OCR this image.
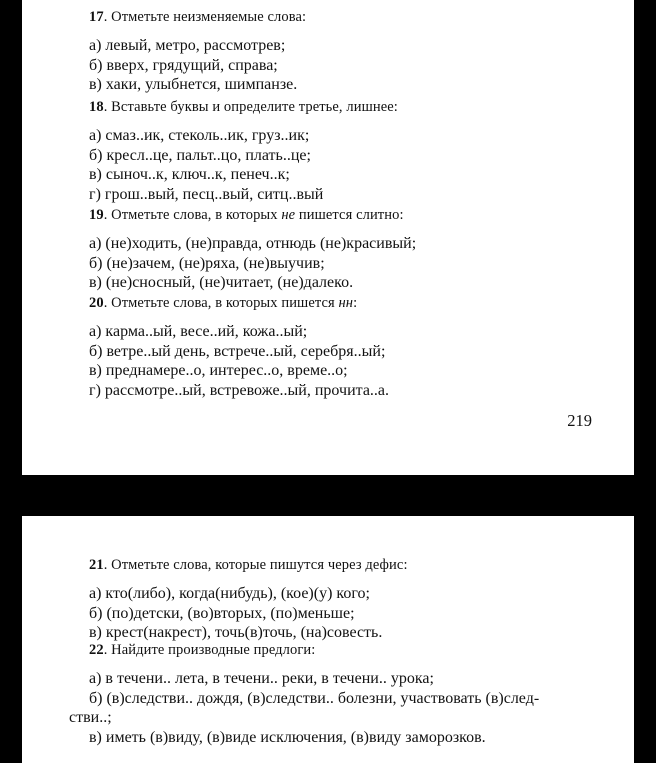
17. Отметьте неизменяемые слова:
а) левый, метро, рассмотрев;
б) вверх, грядущий, справа;
в) хаки, улыбнется, шимпанзе.
18. Вставьте буквы и определите третье, лишнее:
а) смаз..ик, стеколь..ик, груз..ик;
б) кресл..це, пальт..цо, плать..це;
в) сыноч..к, ключ..к, пенеч..к;
г) грош..вый, песц..вый, ситц..вый
19. Отметьте слова, в которых не пишется слитно:
а) (не)ходить, (не)правда, отнюдь (не)красивый;
б) (не)зачем, (не)ряха, (не)выучив;
в) (не)сносный, (не)читает, (не)далеко.
20. Отметьте слова, в которых пишется нн:
а) карма..ый, весе..ий, кожа..ый;
б) ветре..ый день, встрече..ый, серебря..ый;
в) преднамере..о, интерес..о, време..о;
г) рассмотре..ый, встревоже..ый, прочита..а.
219
21. Отметьте слова, которые пишутся через дефис:
а) кто(либо), когда(нибудь), (кое)(у) кого;
б) (по)детски, (во)вторых, (по)меньше;
в) крест(накрест), точь(в)точь, (на)совесть.
22. Найдите производные предлоги:
а) в течени.. лета, в течени.. реки, в течени.. урока;
б) (в)следстви.. дождя, (в)следстви.. болезни, участвовать (в)след-
стви..;
в) иметь (в)виду, (в)виде исключения, (в)виду заморозков.
